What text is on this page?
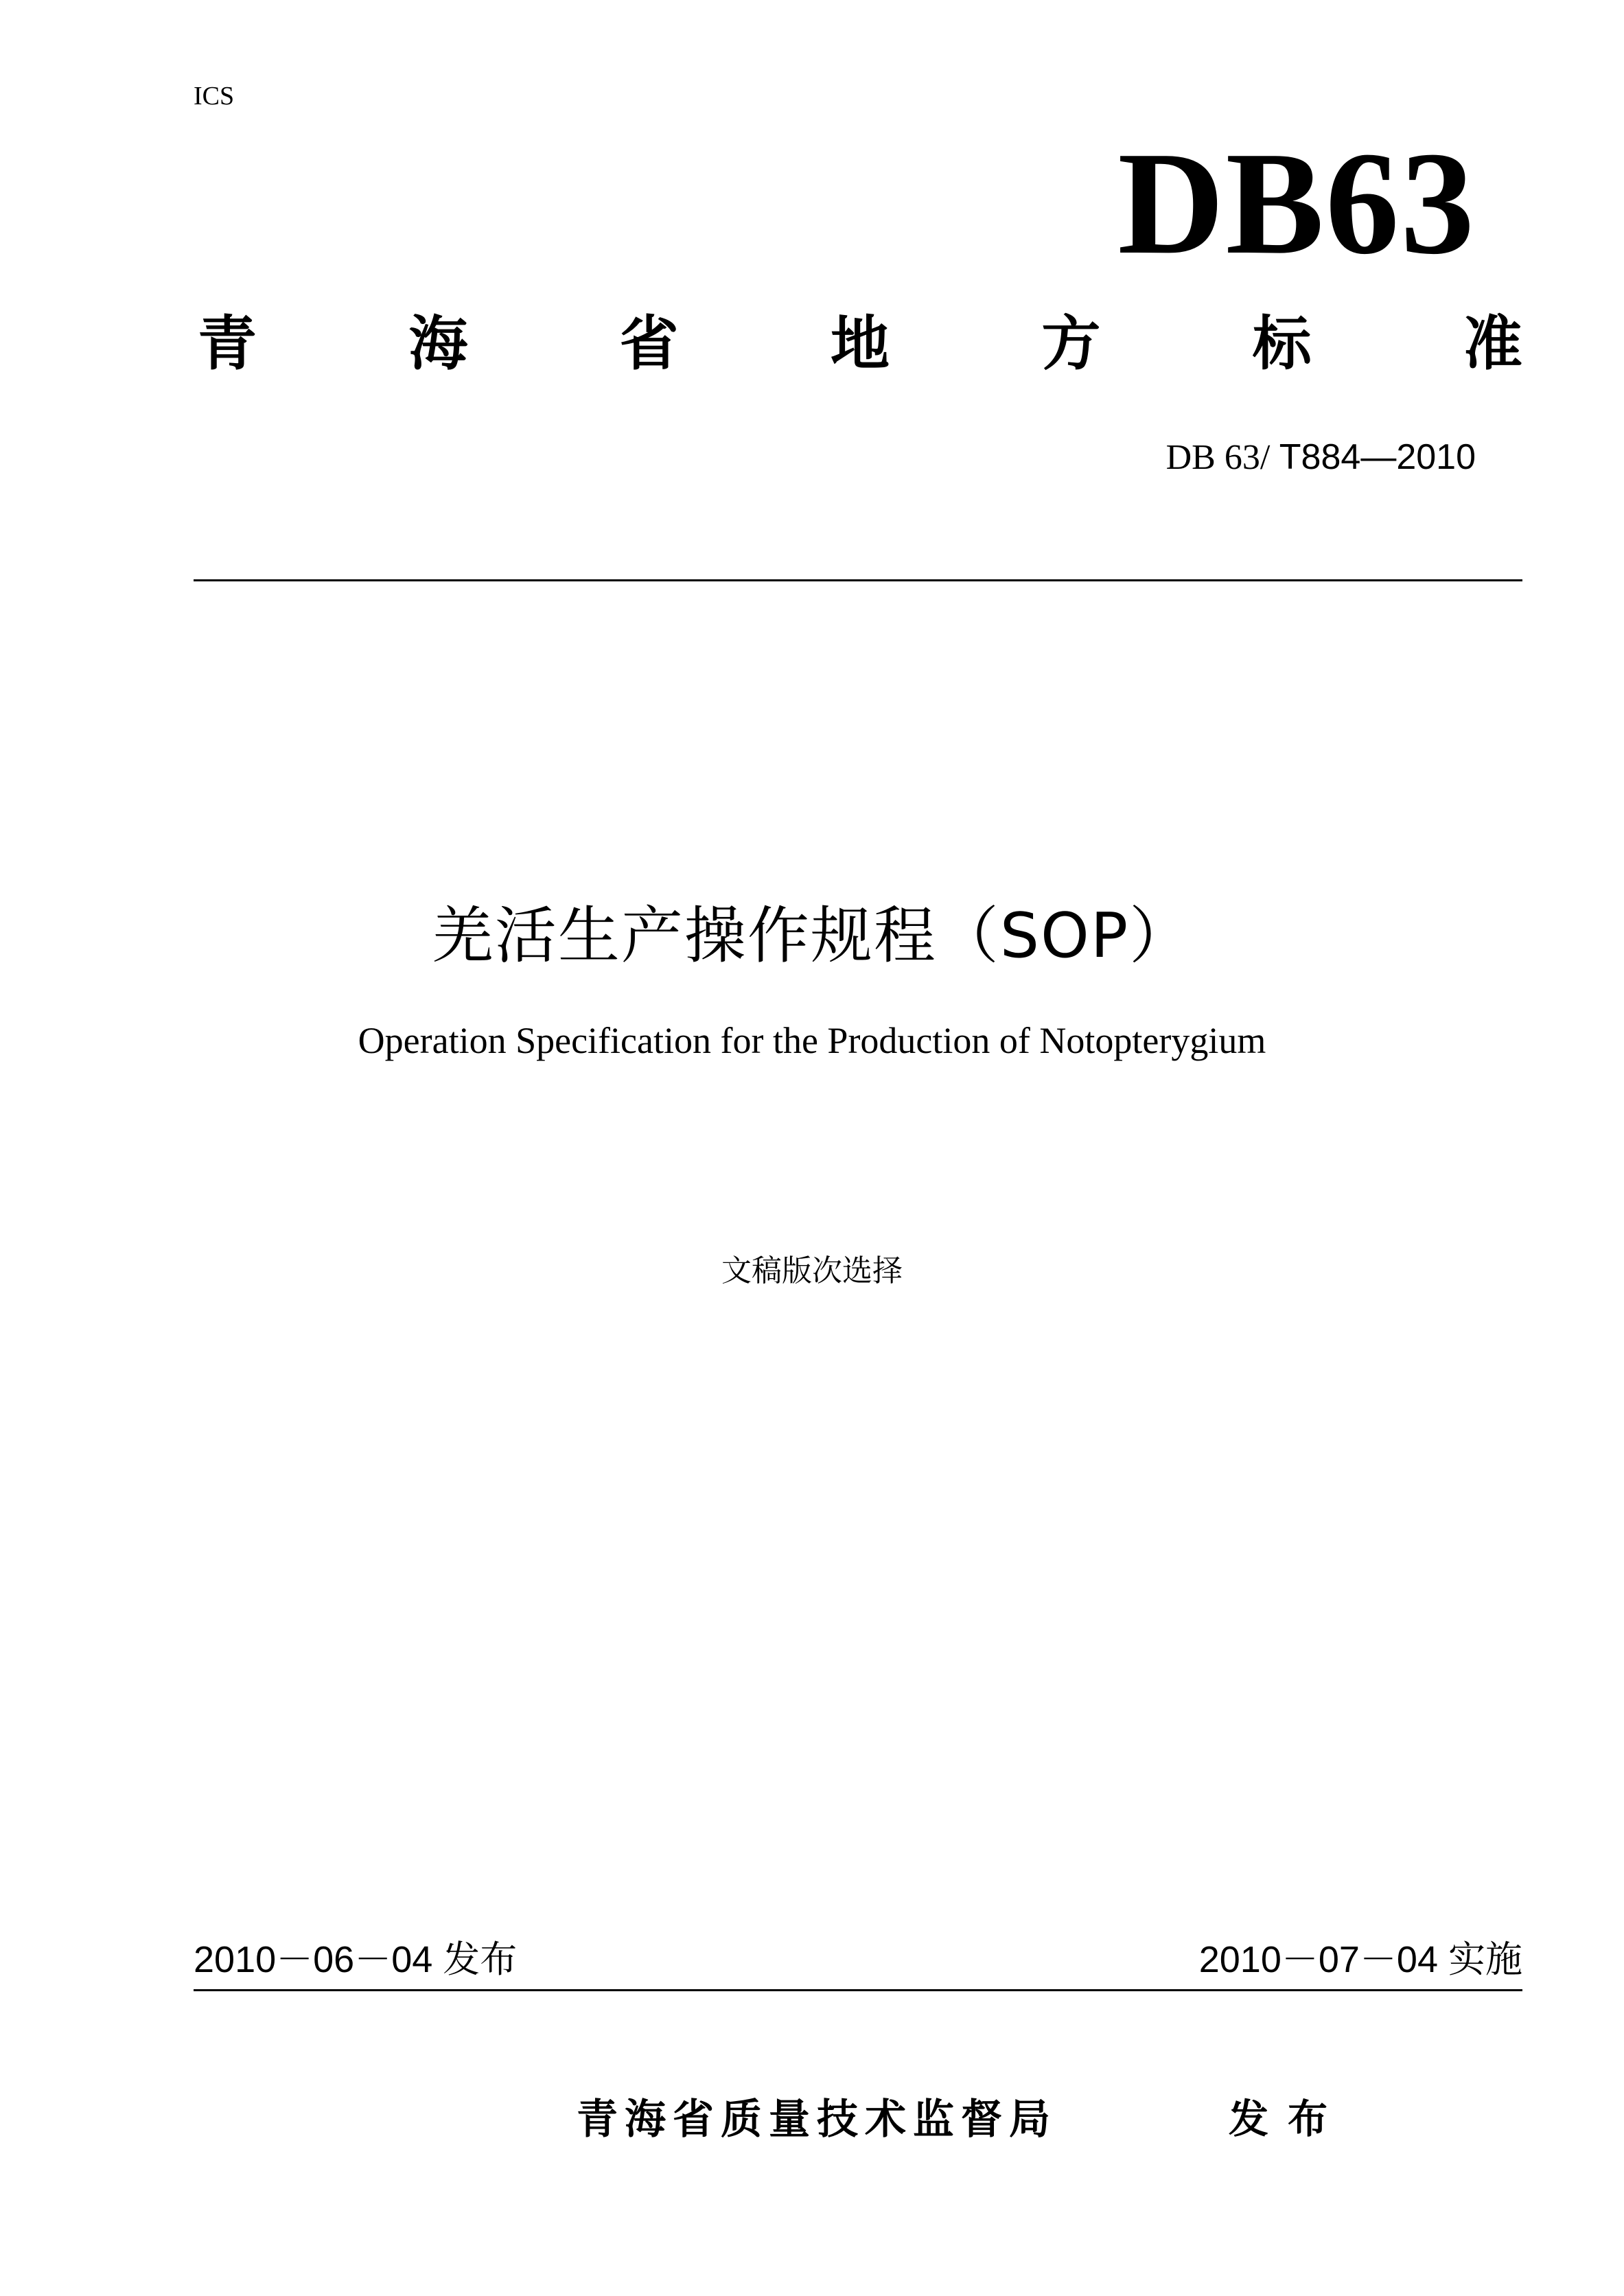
ICS
DB63
青	海	省	地	方	标	准
DB 63/ T884—2010
羌活生产操作规程（SOP）
Operation Specification for the Production of Notopterygium
文稿版次选择
2010－06－04 发布	2010－07－04 实施
青海省质量技术监督局	发布
